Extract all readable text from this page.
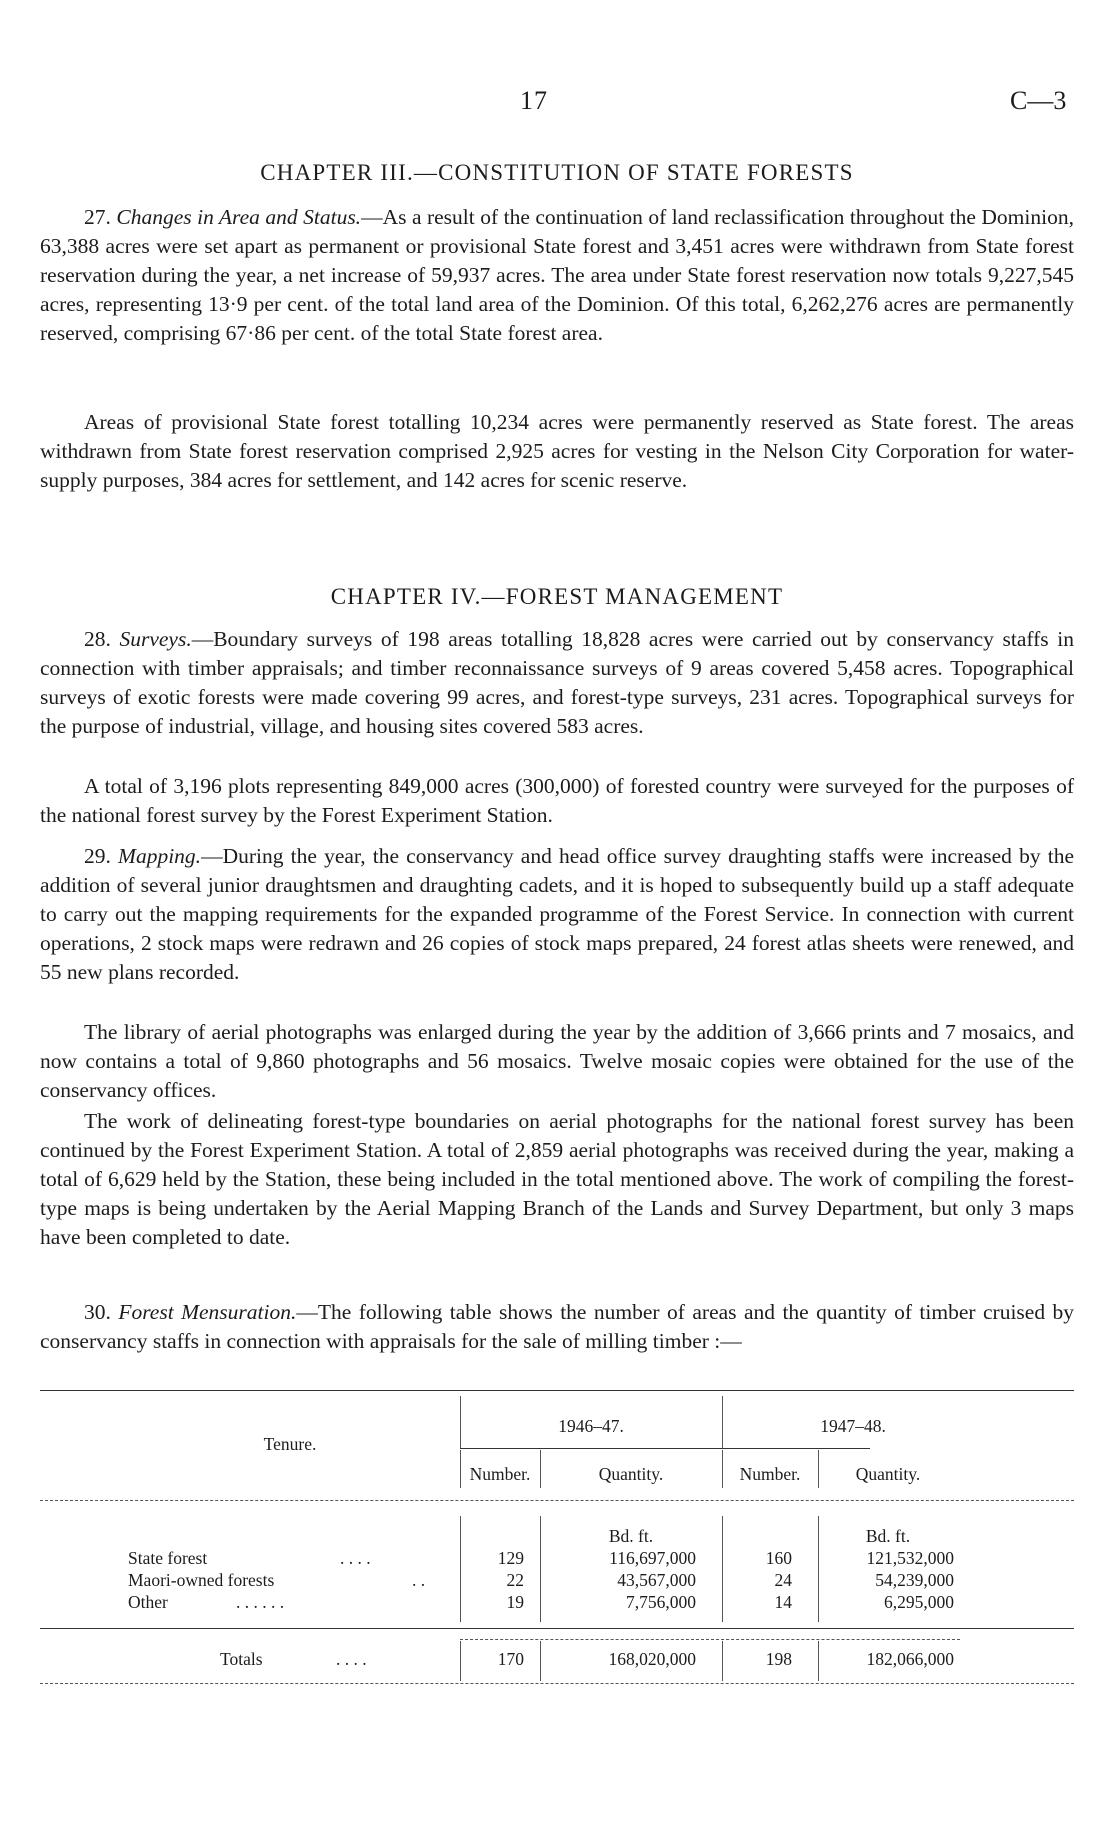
17	C—3
CHAPTER III.—CONSTITUTION OF STATE FORESTS

27. Changes in Area and Status.—As a result of the continuation of land reclassification throughout the Dominion, 63,388 acres were set apart as permanent or provisional State forest and 3,451 acres were withdrawn from State forest reservation during the year, a net increase of 59,937 acres. The area under State forest reservation now totals 9,227,545 acres, representing 13·9 per cent. of the total land area of the Dominion. Of this total, 6,262,276 acres are permanently reserved, comprising 67·86 per cent. of the total State forest area.

Areas of provisional State forest totalling 10,234 acres were permanently reserved as State forest. The areas withdrawn from State forest reservation comprised 2,925 acres for vesting in the Nelson City Corporation for water-supply purposes, 384 acres for settlement, and 142 acres for scenic reserve.

CHAPTER IV.—FOREST MANAGEMENT

28. Surveys.—Boundary surveys of 198 areas totalling 18,828 acres were carried out by conservancy staffs in connection with timber appraisals; and timber reconnaissance surveys of 9 areas covered 5,458 acres. Topographical surveys of exotic forests were made covering 99 acres, and forest-type surveys, 231 acres. Topographical surveys for the purpose of industrial, village, and housing sites covered 583 acres.

A total of 3,196 plots representing 849,000 acres (300,000) of forested country were surveyed for the purposes of the national forest survey by the Forest Experiment Station.

29. Mapping.—During the year, the conservancy and head office survey draughting staffs were increased by the addition of several junior draughtsmen and draughting cadets, and it is hoped to subsequently build up a staff adequate to carry out the mapping requirements for the expanded programme of the Forest Service. In connection with current operations, 2 stock maps were redrawn and 26 copies of stock maps prepared, 24 forest atlas sheets were renewed, and 55 new plans recorded.

The library of aerial photographs was enlarged during the year by the addition of 3,666 prints and 7 mosaics, and now contains a total of 9,860 photographs and 56 mosaics. Twelve mosaic copies were obtained for the use of the conservancy offices.

The work of delineating forest-type boundaries on aerial photographs for the national forest survey has been continued by the Forest Experiment Station. A total of 2,859 aerial photographs was received during the year, making a total of 6,629 held by the Station, these being included in the total mentioned above. The work of compiling the forest-type maps is being undertaken by the Aerial Mapping Branch of the Lands and Survey Department, but only 3 maps have been completed to date.

30. Forest Mensuration.—The following table shows the number of areas and the quantity of timber cruised by conservancy staffs in connection with appraisals for the sale of milling timber :—

Tenure.
1946–47.	1947–48.
Number.	Quantity.	Number.	Quantity.
Bd. ft.	Bd. ft.
State forest	. . . .	129	116,697,000	160	121,532,000
Maori-owned forests	. .	22	43,567,000	24	54,239,000
Other	. . . . . .	19	7,756,000	14	6,295,000
Totals	. . . .	170	168,020,000	198	182,066,000
